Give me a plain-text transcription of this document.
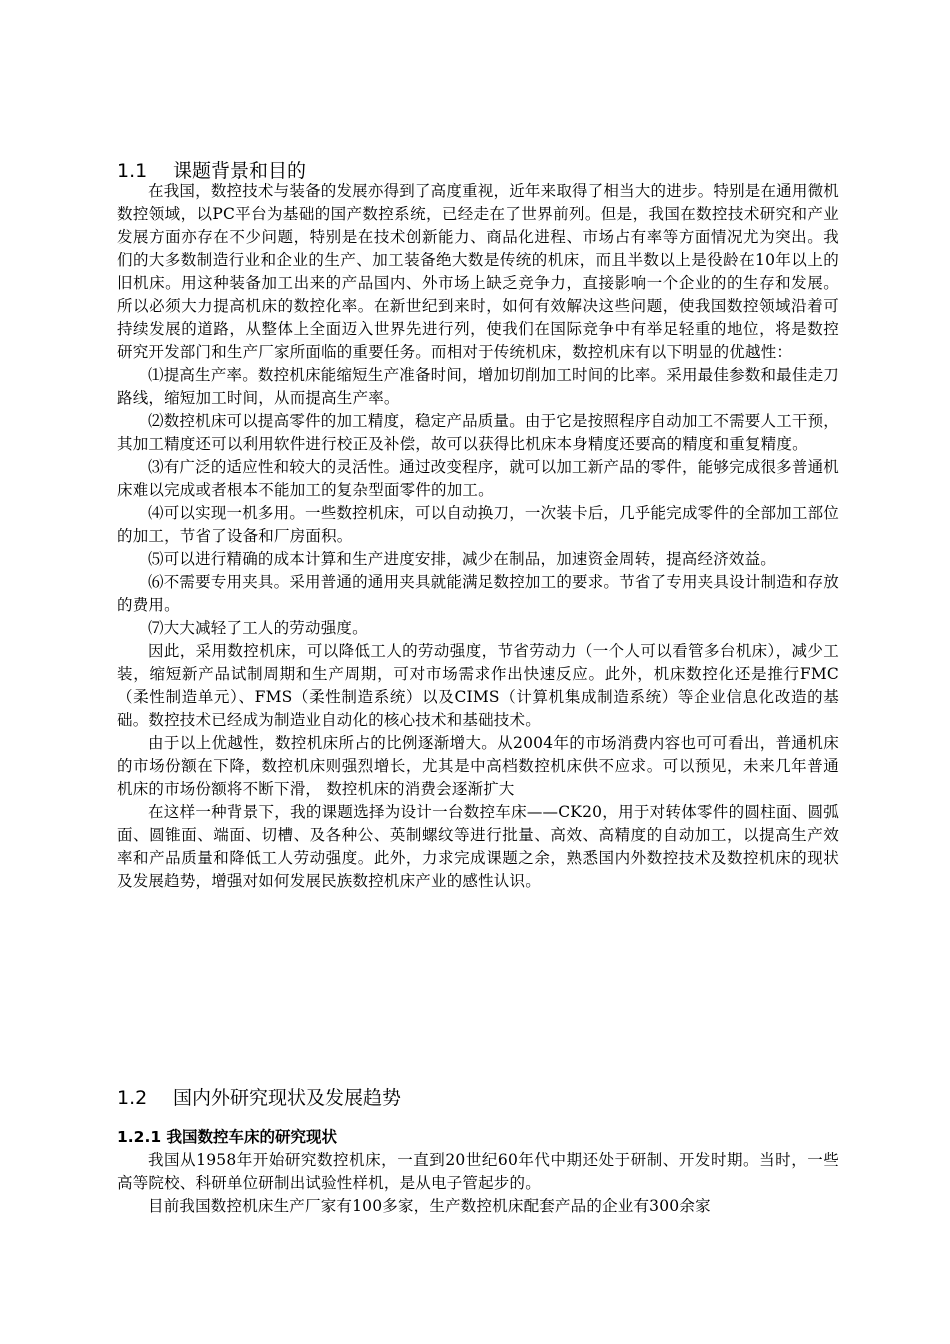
1.1 课题背景和目的

在我国，数控技术与装备的发展亦得到了高度重视，近年来取得了相当大的进步。特别是在通用微机数控领域，以PC平台为基础的国产数控系统，已经走在了世界前列。但是，我国在数控技术研究和产业发展方面亦存在不少问题，特别是在技术创新能力、商品化进程、市场占有率等方面情况尤为突出。我们的大多数制造行业和企业的生产、加工装备绝大数是传统的机床，而且半数以上是役龄在10年以上的旧机床。用这种装备加工出来的产品国内、外市场上缺乏竞争力，直接影响一个企业的的生存和发展。所以必须大力提高机床的数控化率。在新世纪到来时，如何有效解决这些问题，使我国数控领域沿着可持续发展的道路，从整体上全面迈入世界先进行列，使我们在国际竞争中有举足轻重的地位，将是数控研究开发部门和生产厂家所面临的重要任务。而相对于传统机床，数控机床有以下明显的优越性：

⑴提高生产率。数控机床能缩短生产准备时间，增加切削加工时间的比率。采用最佳参数和最佳走刀路线，缩短加工时间，从而提高生产率。

⑵数控机床可以提高零件的加工精度，稳定产品质量。由于它是按照程序自动加工不需要人工干预，其加工精度还可以利用软件进行校正及补偿，故可以获得比机床本身精度还要高的精度和重复精度。

⑶有广泛的适应性和较大的灵活性。通过改变程序，就可以加工新产品的零件，能够完成很多普通机床难以完成或者根本不能加工的复杂型面零件的加工。

⑷可以实现一机多用。一些数控机床，可以自动换刀，一次装卡后，几乎能完成零件的全部加工部位的加工，节省了设备和厂房面积。

⑸可以进行精确的成本计算和生产进度安排，减少在制品，加速资金周转，提高经济效益。

⑹不需要专用夹具。采用普通的通用夹具就能满足数控加工的要求。节省了专用夹具设计制造和存放的费用。

⑺大大减轻了工人的劳动强度。

因此，采用数控机床，可以降低工人的劳动强度，节省劳动力（一个人可以看管多台机床），减少工装，缩短新产品试制周期和生产周期，可对市场需求作出快速反应。此外，机床数控化还是推行FMC（柔性制造单元）、FMS（柔性制造系统）以及CIMS（计算机集成制造系统）等企业信息化改造的基础。数控技术已经成为制造业自动化的核心技术和基础技术。

由于以上优越性，数控机床所占的比例逐渐增大。从2004年的市场消费内容也可可看出，普通机床的市场份额在下降，数控机床则强烈增长，尤其是中高档数控机床供不应求。可以预见，未来几年普通机床的市场份额将不断下滑， 数控机床的消费会逐渐扩大

在这样一种背景下，我的课题选择为设计一台数控车床——CK20，用于对转体零件的圆柱面、圆弧面、圆锥面、端面、切槽、及各种公、英制螺纹等进行批量、高效、高精度的自动加工，以提高生产效率和产品质量和降低工人劳动强度。此外，力求完成课题之余，熟悉国内外数控技术及数控机床的现状及发展趋势，增强对如何发展民族数控机床产业的感性认识。

1.2 国内外研究现状及发展趋势

1.2.1 我国数控车床的研究现状

我国从1958年开始研究数控机床，一直到20世纪60年代中期还处于研制、开发时期。当时，一些高等院校、科研单位研制出试验性样机，是从电子管起步的。

目前我国数控机床生产厂家有100多家，生产数控机床配套产品的企业有300余家
